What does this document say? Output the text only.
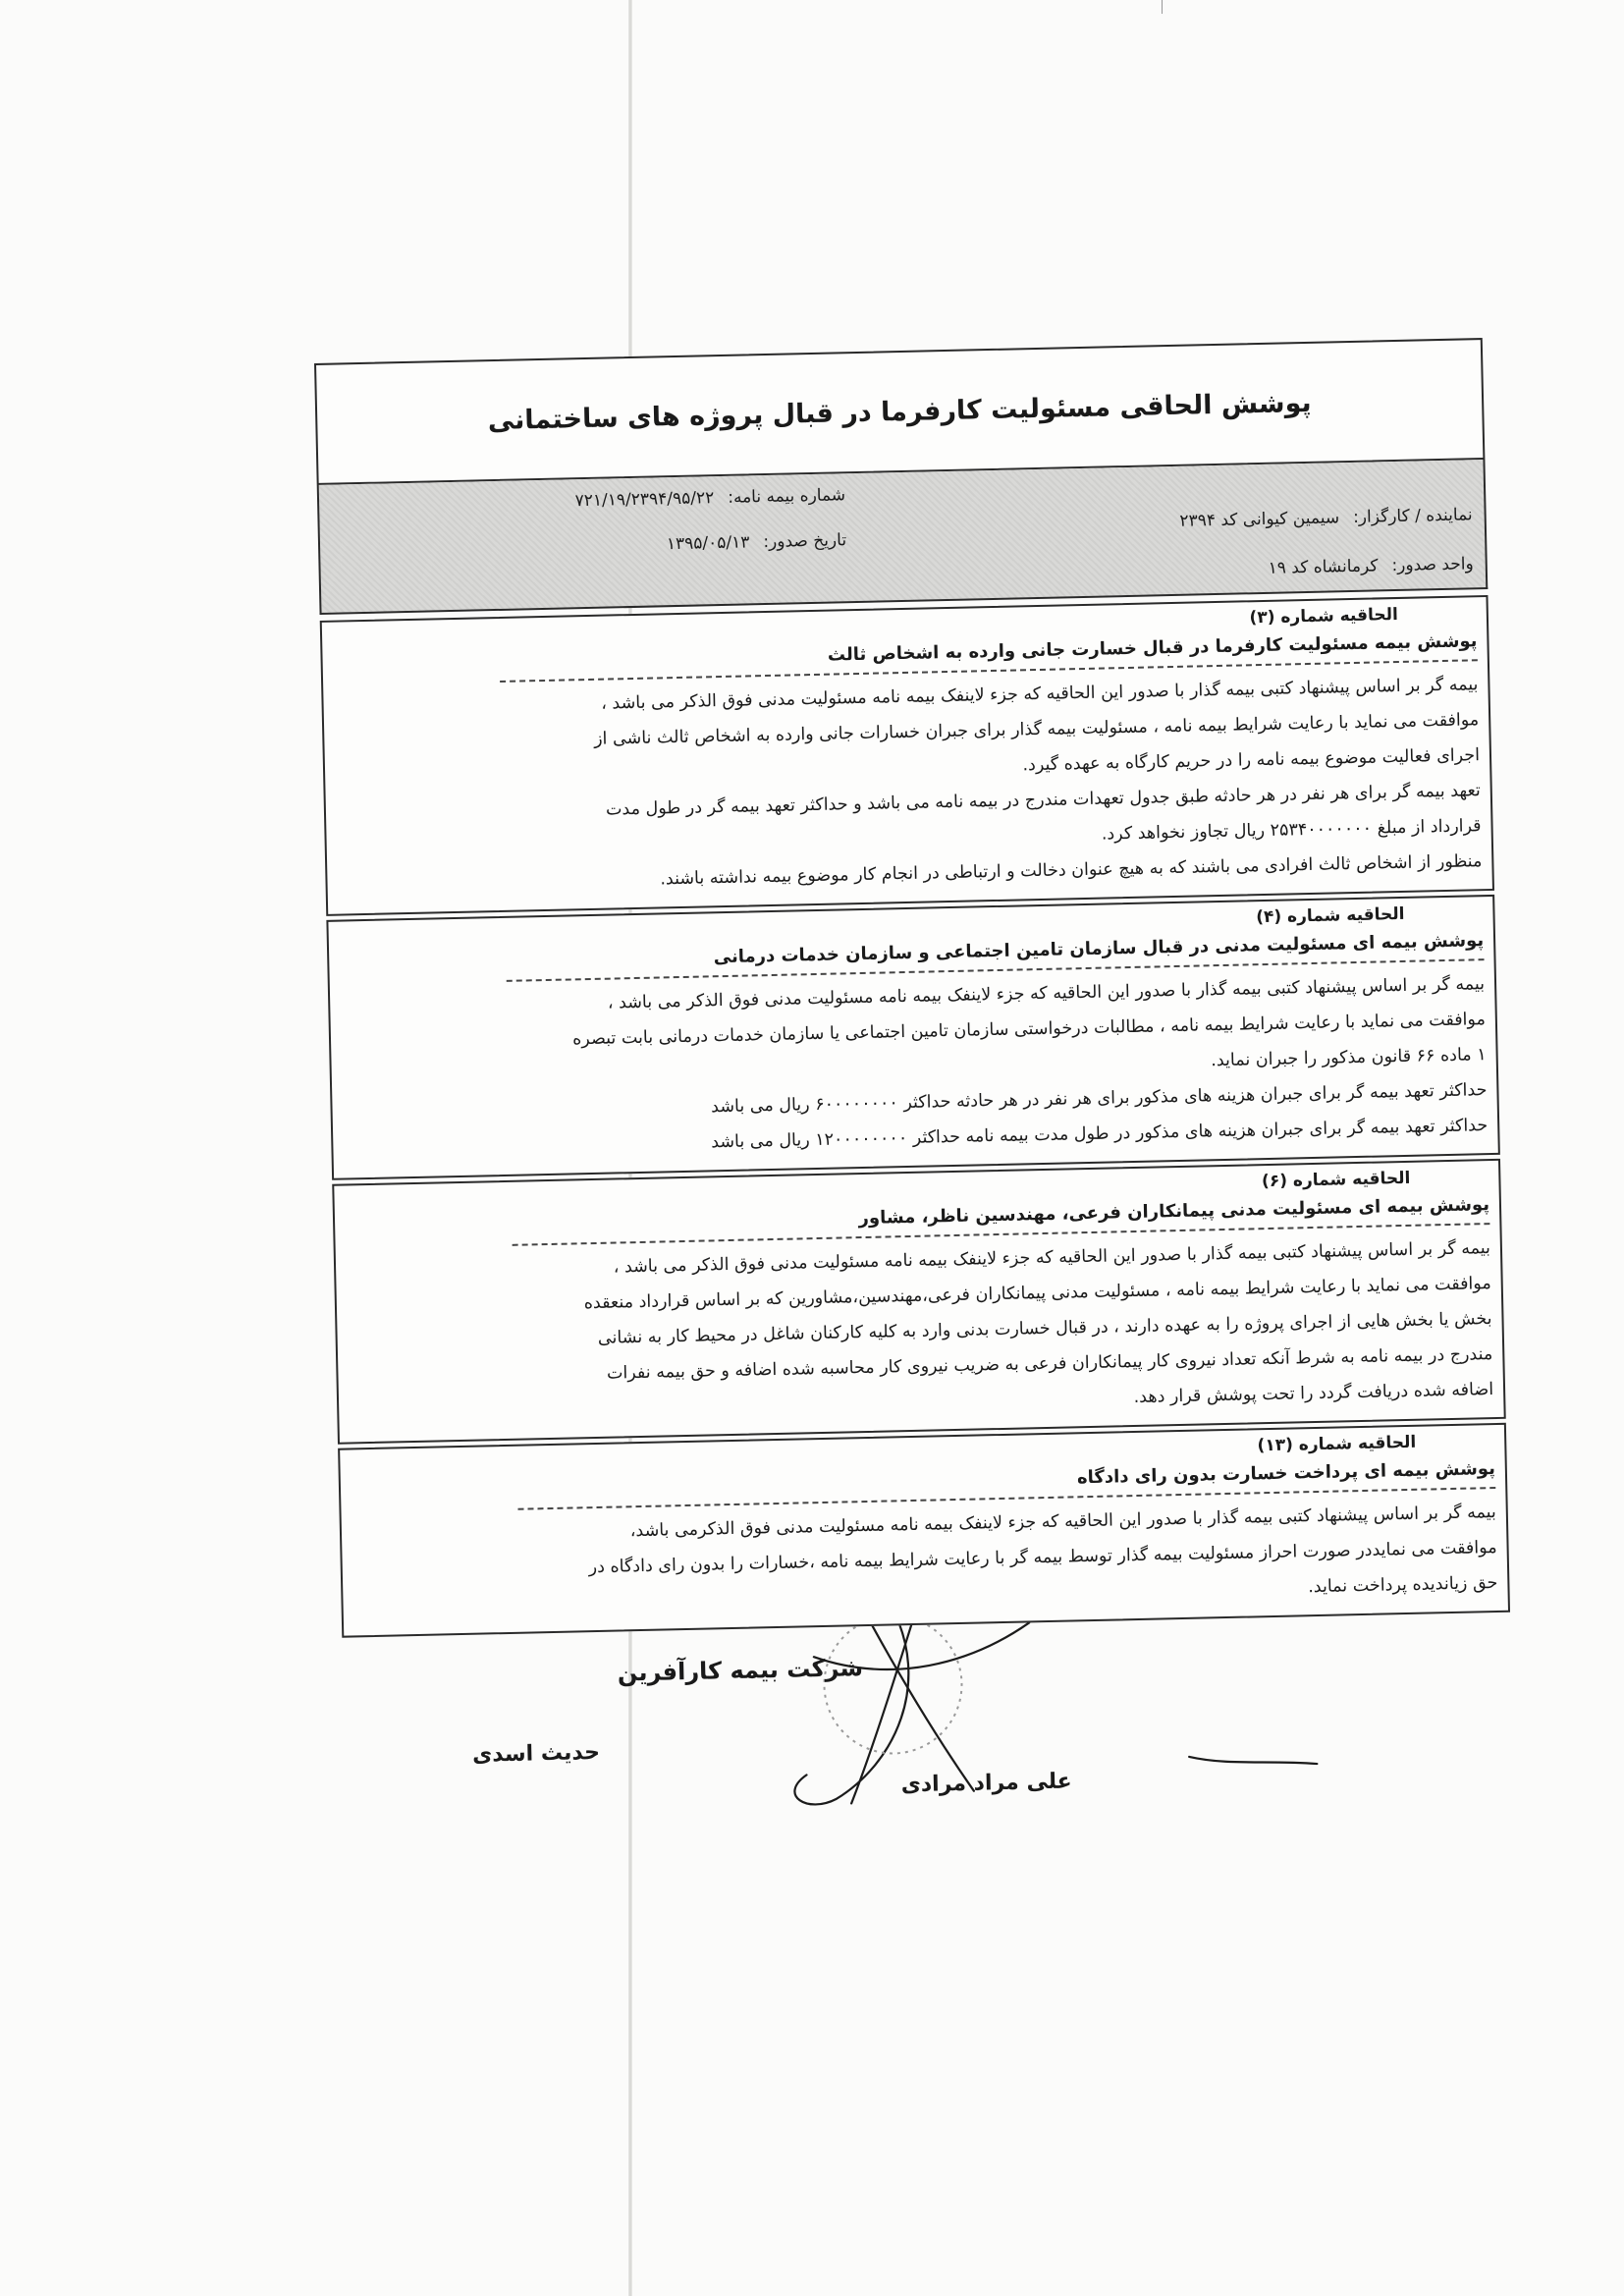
پوشش الحاقی مسئولیت کارفرما در قبال پروژه های ساختمانی
شماره بیمه نامه:۷۲۱/۱۹/۲۳۹۴/۹۵/۲۲
نماینده / کارگزار:سیمین کیوانی کد ۲۳۹۴
تاریخ صدور:۱۳۹۵/۰۵/۱۳
واحد صدور:کرمانشاه کد ۱۹
الحاقیه شماره (۳)
پوشش بیمه مسئولیت کارفرما در قبال خسارت جانی وارده به اشخاص ثالث
بیمه گر بر اساس پیشنهاد کتبی بیمه گذار با صدور این الحاقیه که جزء لاینفک بیمه نامه مسئولیت مدنی فوق الذکر می باشد ،
موافقت می نماید با رعایت شرایط بیمه نامه ، مسئولیت بیمه گذار برای جبران خسارات جانی وارده به اشخاص ثالث ناشی از
اجرای فعالیت موضوع بیمه نامه را در حریم کارگاه به عهده گیرد.
تعهد بیمه گر برای هر نفر در هر حادثه طبق جدول تعهدات مندرج در بیمه نامه می باشد و حداکثر تعهد بیمه گر در طول مدت
قرارداد از مبلغ ۲۵۳۴۰۰۰۰۰۰۰ ریال تجاوز نخواهد کرد.
منظور از اشخاص ثالث افرادی می باشند که به هیچ عنوان دخالت و ارتباطی در انجام کار موضوع بیمه نداشته باشند.
الحاقیه شماره (۴)
پوشش بیمه ای مسئولیت مدنی در قبال سازمان تامین اجتماعی و سازمان خدمات درمانی
بیمه گر بر اساس پیشنهاد کتبی بیمه گذار با صدور این الحاقیه که جزء لاینفک بیمه نامه مسئولیت مدنی فوق الذکر می باشد ،
موافقت می نماید با رعایت شرایط بیمه نامه ، مطالبات درخواستی سازمان تامین اجتماعی یا سازمان خدمات درمانی بابت تبصره
۱ ماده ۶۶ قانون مذکور را جبران نماید.
حداکثر تعهد بیمه گر برای جبران هزینه های مذکور برای هر نفر در هر حادثه حداکثر ۶۰۰۰۰۰۰۰۰ ریال می باشد
حداکثر تعهد بیمه گر برای جبران هزینه های مذکور در طول مدت بیمه نامه حداکثر ۱۲۰۰۰۰۰۰۰۰ ریال می باشد
الحاقیه شماره (۶)
پوشش بیمه ای مسئولیت مدنی پیمانکاران فرعی، مهندسین ناظر، مشاور
بیمه گر بر اساس پیشنهاد کتبی بیمه گذار با صدور این الحاقیه که جزء لاینفک بیمه نامه مسئولیت مدنی فوق الذکر می باشد ،
موافقت می نماید با رعایت شرایط بیمه نامه ، مسئولیت مدنی پیمانکاران فرعی،مهندسین،مشاورین که بر اساس قرارداد منعقده
بخش یا بخش هایی از اجرای پروژه را به عهده دارند ، در قبال خسارت بدنی وارد به کلیه کارکنان شاغل در محیط کار به نشانی
مندرج در بیمه نامه به شرط آنکه تعداد نیروی کار پیمانکاران فرعی به ضریب نیروی کار محاسبه شده اضافه و حق بیمه نفرات
اضافه شده دریافت گردد را تحت پوشش قرار دهد.
الحاقیه شماره (۱۳)
پوشش بیمه ای پرداخت خسارت بدون رای دادگاه
بیمه گر بر اساس پیشنهاد کتبی بیمه گذار با صدور این الحاقیه که جزء لاینفک بیمه نامه مسئولیت مدنی فوق الذکرمی باشد،
موافقت می نمایددر صورت احراز مسئولیت بیمه گذار توسط بیمه گر با رعایت شرایط بیمه نامه ،خسارات را بدون رای دادگاه در
حق زیاندیده پرداخت نماید.
شرکت بیمه کارآفرین
حدیث اسدی
علی مراد مرادی
